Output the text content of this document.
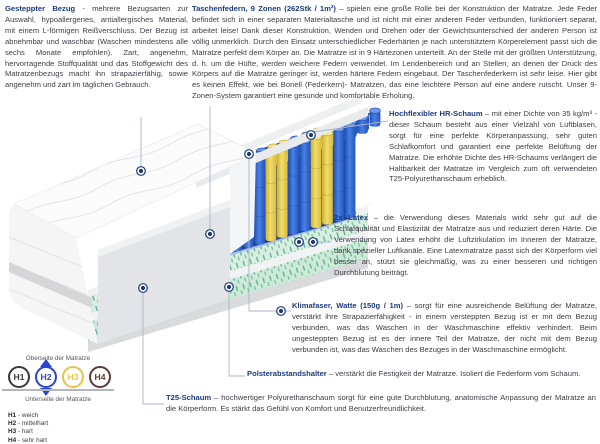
Gesteppter Bezug - mehrere Bezugsarten zur Auswahl, hypoallergenes, antiallergisches Material, mit einem L-förmigen Reißverschluss. Der Bezug ist abnehmbar und waschbar (Waschen mindestens alle sechs Monate empfohlen). Zart, angenehm, hervorragende Stoffqualität und das Stoffgewicht des Matratzenbezugs macht ihn strapazierfähig, sowie angenehm und zart im täglichen Gebrauch.
Taschenfedern, 9 Zonen (262Stk / 1m²) – spielen eine große Rolle bei der Konstruktion der Matratze. Jede Feder befindet sich in einer separaten Materialtasche und ist nicht mit einer anderen Feder verbunden, funktioniert separat, arbeitet leise! Dank dieser Konstruktion, Wenden und Drehen oder der Gewichtsunterschied der anderen Person ist völlig unmerklich. Durch den Einsatz unterschiedlicher Federhärten je nach unterstütztem Körperelement passt sich die Matratze perfekt dem Körper an. Die Matratze ist in 9 Härtezonen unterteilt. An der Stelle mit der größten Unterstützung, d. h. um die Hüfte, werden weichere Federn verwendet. Im Lendenbereich und an Stellen, an denen der Druck des Körpers auf die Matratze geringer ist, werden härtere Federn eingebaut. Der Taschenfederkern ist sehr leise. Hier gibt es keinen Effekt, wie bei Bonell (Federkern)- Matratzen, das eine leichtere Person auf eine andere rutscht. Unser 9-Zonen-System garantiert eine gesunde und komfortable Erholung.
Hochflexibler HR-Schaum – mit einer Dichte von 35 kg/m³ - dieser Schaum besteht aus einer Vielzahl von Luftblasen, sorgt für eine perfekte Körperanpassung, sehr guten Schlafkomfort und garantiert eine perfekte Belüftung der Matratze. Die erhöhte Dichte des HR-Schaums verlängert die Haltbarkeit der Matratze im Vergleich zum oft verwendeten T25-Polyurethanschaum erheblich.
2x Latex – die Verwendung dieses Materials wirkt sehr gut auf die Schlafqualität und Elastizität der Matratze aus und reduziert deren Härte. Die Verwendung von Latex erhöht die Luftzirkulation im Inneren der Matratze, dank spezieller Luftkanäle. Eine Latexmatratze passt sich der Körperform viel besser an, stützt sie gleichmäßig, was zu einer besseren und richtigen Durchblutung beiträgt.
Klimafaser, Watte (150g / 1m) – sorgt für eine ausreichende Belüftung der Matratze, verstärkt ihre Strapazierfähigkeit - in einem versteppten Bezug ist er mit dem Bezug verbunden, was das Waschen in der Waschmaschine effektiv verhindert. Beim ungesteppten Bezug ist es der innere Teil der Matratze, der nicht mit dem Bezug verbunden ist, was das Waschen des Bezuges in der Waschmaschine ermöglicht.
Polsterabstandshalter – verstärkt die Festigkeit der Matratze. Isoliert die Federform vom Schaum.
T25-Schaum – hochwertiger Polyurethanschaum sorgt für eine gute Durchblutung, anatomische Anpassung der Matratze an die Körperform. Es stärkt das Gefühl von Komfort und Benutzerfreundlichkeit.
Oberseite der Matratze
H1 H2 H3 H4
Unterseite der Matratze
H1 - weich
H2 - mittelhart
H3 - hart
H4 - sehr hart
